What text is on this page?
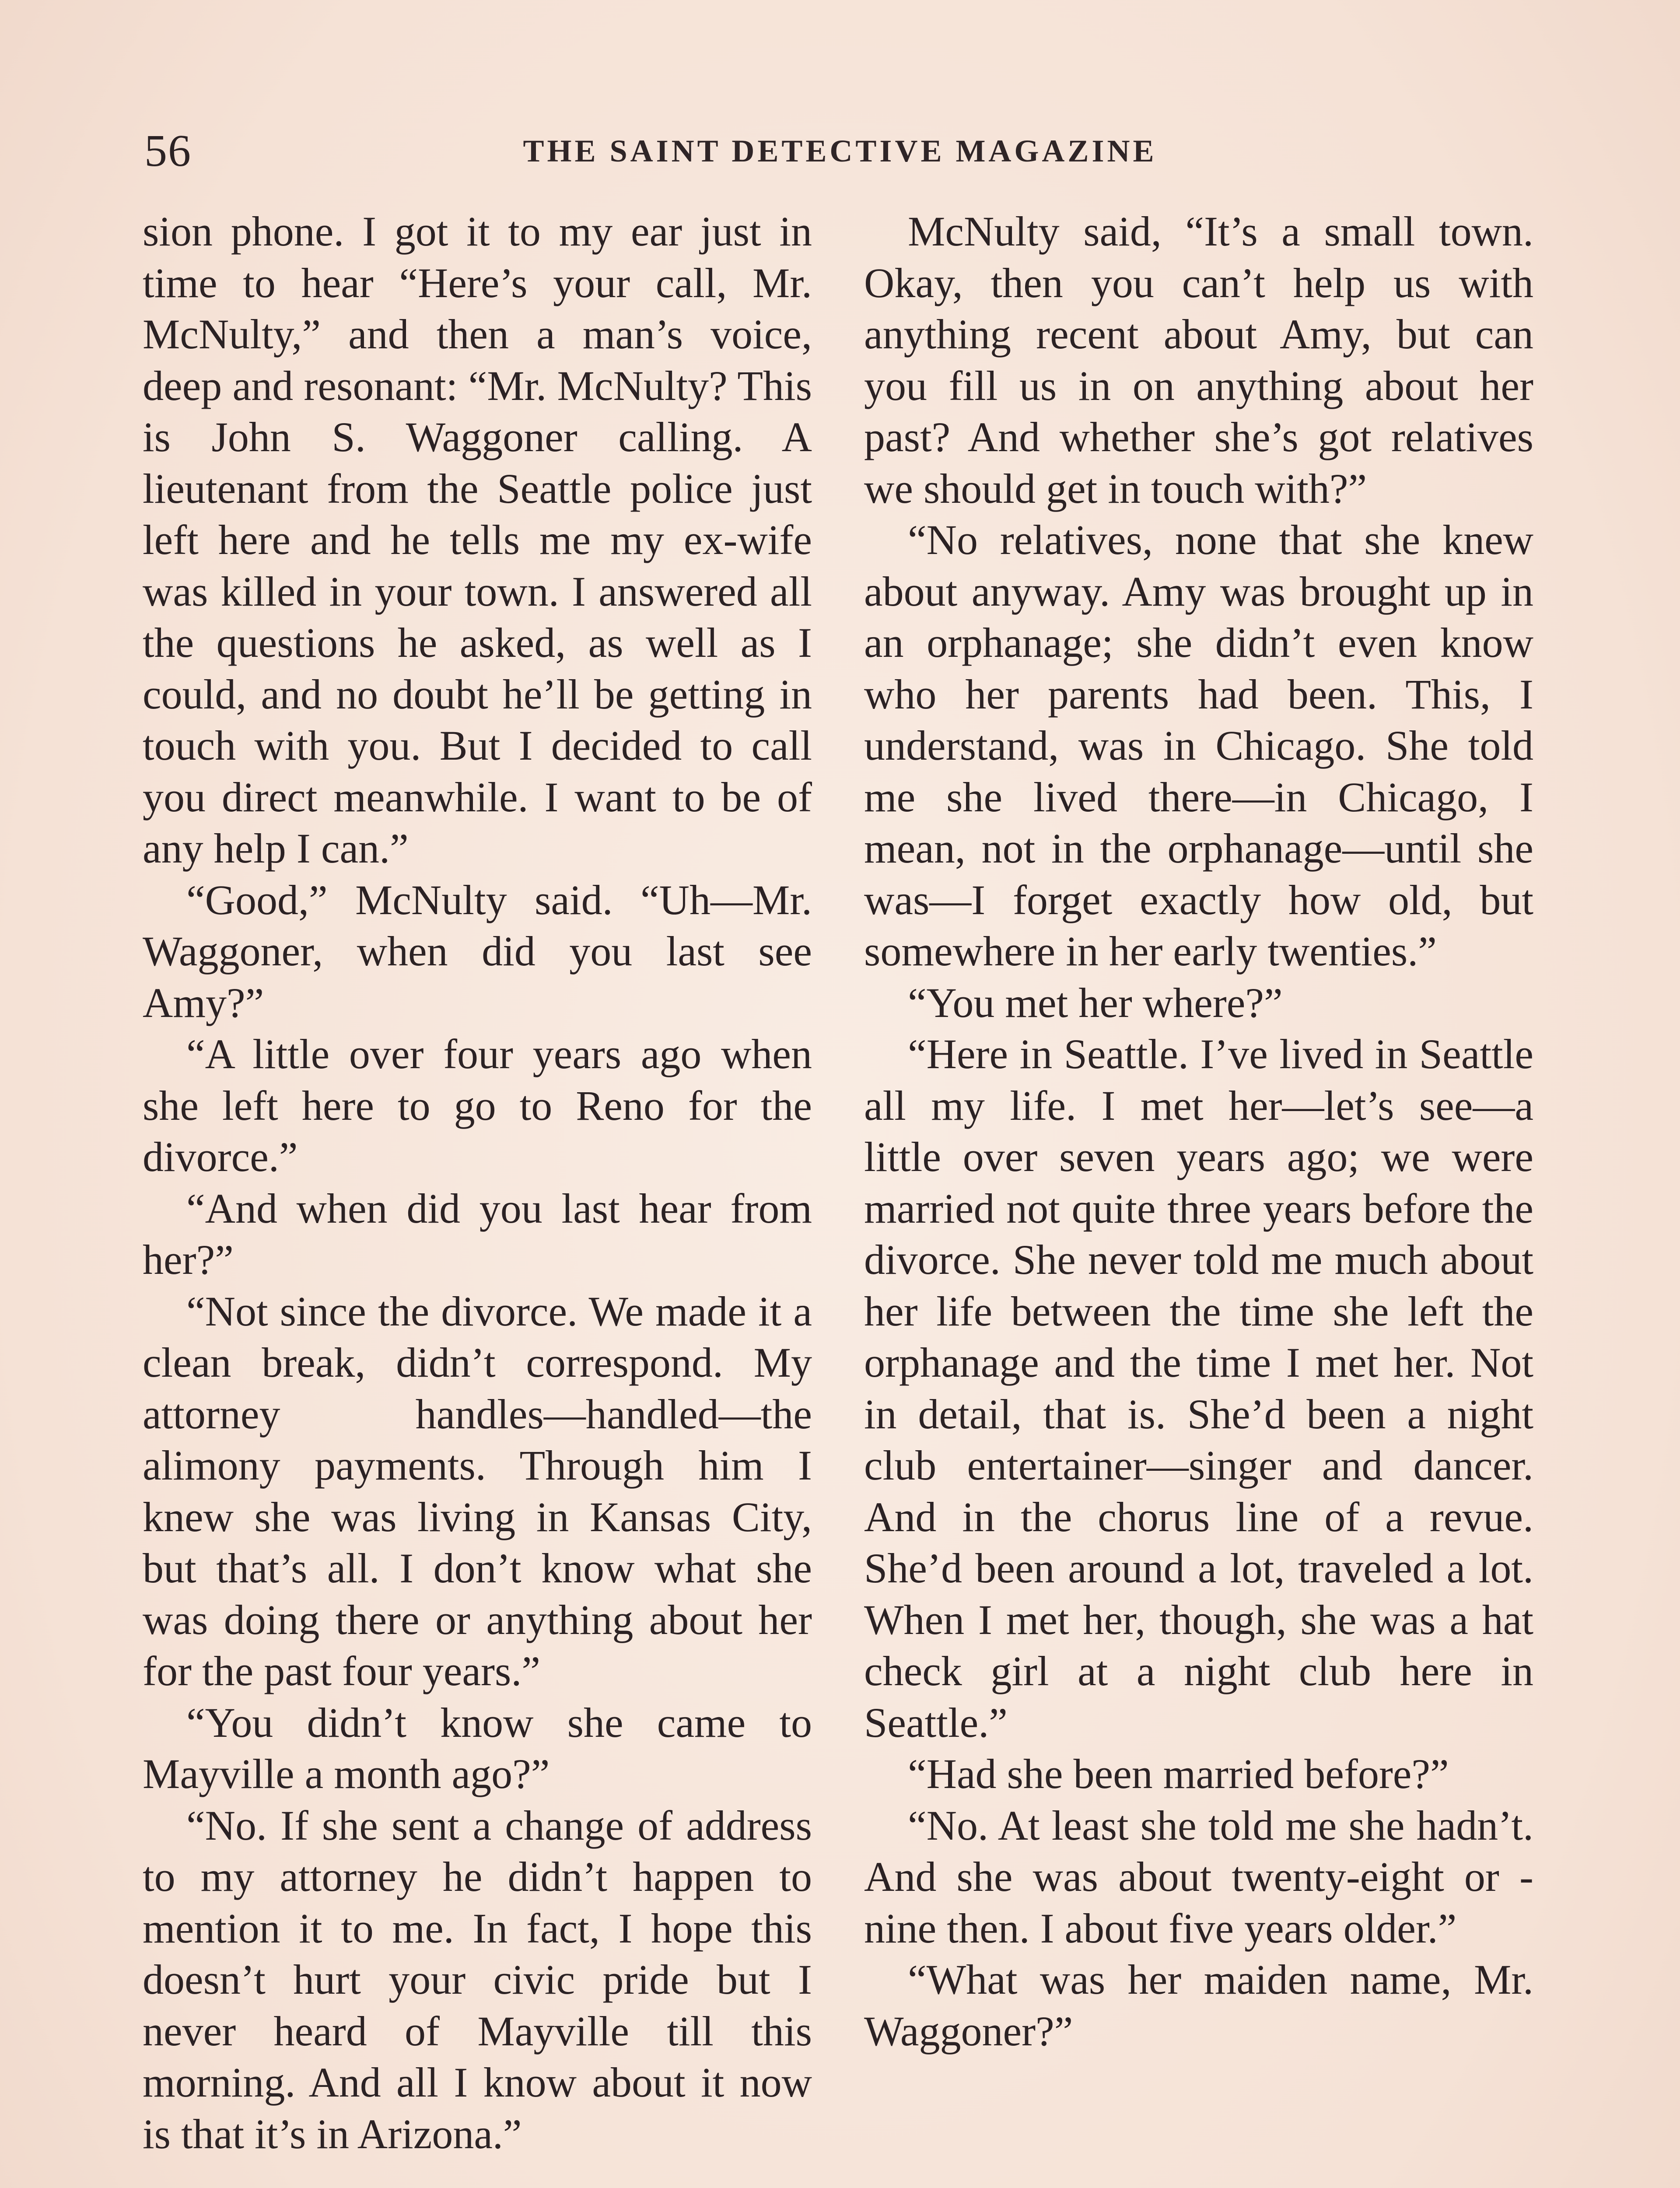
56	THE SAINT DETECTIVE MAGAZINE

sion phone. I got it to my ear just in time to hear “Here’s your call, Mr. McNulty,” and then a man’s voice, deep and resonant: “Mr. McNulty? This is John S. Waggoner calling. A lieutenant from the Seattle police just left here and he tells me my ex-wife was killed in your town. I answered all the questions he asked, as well as I could, and no doubt he’ll be getting in touch with you. But I decided to call you direct meanwhile. I want to be of any help I can.”

“Good,” McNulty said. “Uh—Mr. Waggoner, when did you last see Amy?”

“A little over four years ago when she left here to go to Reno for the divorce.”

“And when did you last hear from her?”

“Not since the divorce. We made it a clean break, didn’t correspond. My attorney handles—handled—the alimony payments. Through him I knew she was living in Kansas City, but that’s all. I don’t know what she was doing there or anything about her for the past four years.”

“You didn’t know she came to Mayville a month ago?”

“No. If she sent a change of address to my attorney he didn’t happen to mention it to me. In fact, I hope this doesn’t hurt your civic pride but I never heard of Mayville till this morning. And all I know about it now is that it’s in Arizona.”

McNulty said, “It’s a small town. Okay, then you can’t help us with anything recent about Amy, but can you fill us in on anything about her past? And whether she’s got relatives we should get in touch with?”

“No relatives, none that she knew about anyway. Amy was brought up in an orphanage; she didn’t even know who her parents had been. This, I understand, was in Chicago. She told me she lived there—in Chicago, I mean, not in the orphanage—until she was—I forget exactly how old, but somewhere in her early twenties.”

“You met her where?”

“Here in Seattle. I’ve lived in Seattle all my life. I met her—let’s see—a little over seven years ago; we were married not quite three years before the divorce. She never told me much about her life between the time she left the orphanage and the time I met her. Not in detail, that is. She’d been a night club entertainer—singer and dancer. And in the chorus line of a revue. She’d been around a lot, traveled a lot. When I met her, though, she was a hat check girl at a night club here in Seattle.”

“Had she been married before?”

“No. At least she told me she hadn’t. And she was about twenty-eight or -nine then. I about five years older.”

“What was her maiden name, Mr. Waggoner?”
